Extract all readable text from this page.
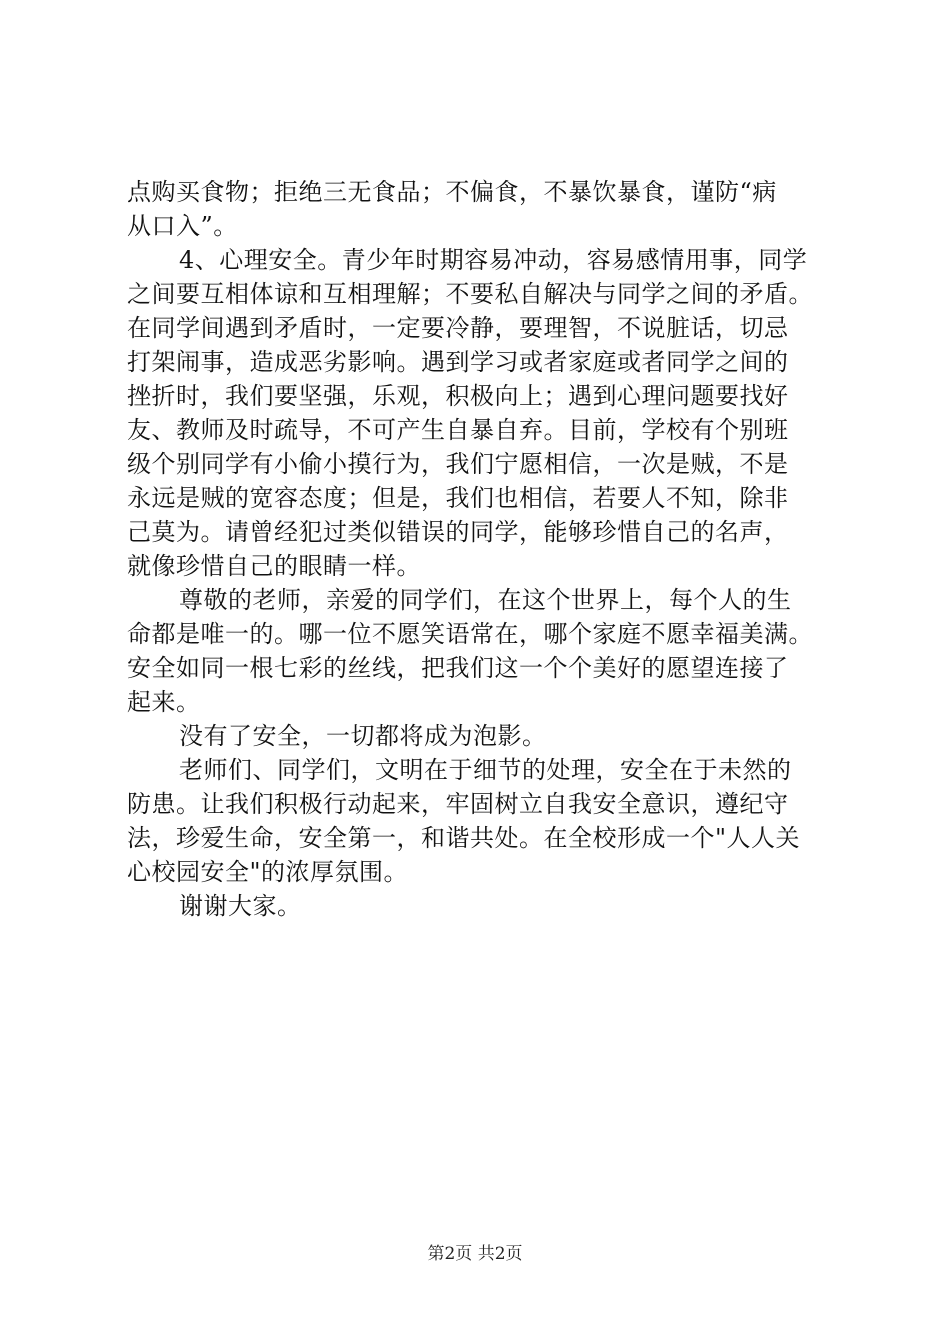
点购买食物；拒绝三无食品；不偏食，不暴饮暴食，谨防“病
从口入”。
4、心理安全。青少年时期容易冲动，容易感情用事，同学
之间要互相体谅和互相理解；不要私自解决与同学之间的矛盾。
在同学间遇到矛盾时，一定要冷静，要理智，不说脏话，切忌
打架闹事，造成恶劣影响。遇到学习或者家庭或者同学之间的
挫折时，我们要坚强，乐观，积极向上；遇到心理问题要找好
友、教师及时疏导，不可产生自暴自弃。目前，学校有个别班
级个别同学有小偷小摸行为，我们宁愿相信，一次是贼，不是
永远是贼的宽容态度；但是，我们也相信，若要人不知，除非
己莫为。请曾经犯过类似错误的同学，能够珍惜自己的名声，
就像珍惜自己的眼睛一样。
尊敬的老师，亲爱的同学们，在这个世界上，每个人的生
命都是唯一的。哪一位不愿笑语常在，哪个家庭不愿幸福美满。
安全如同一根七彩的丝线，把我们这一个个美好的愿望连接了
起来。
没有了安全，一切都将成为泡影。
老师们、同学们，文明在于细节的处理，安全在于未然的
防患。让我们积极行动起来，牢固树立自我安全意识，遵纪守
法，珍爱生命，安全第一，和谐共处。在全校形成一个"人人关
心校园安全"的浓厚氛围。
谢谢大家。
第2页 共2页
